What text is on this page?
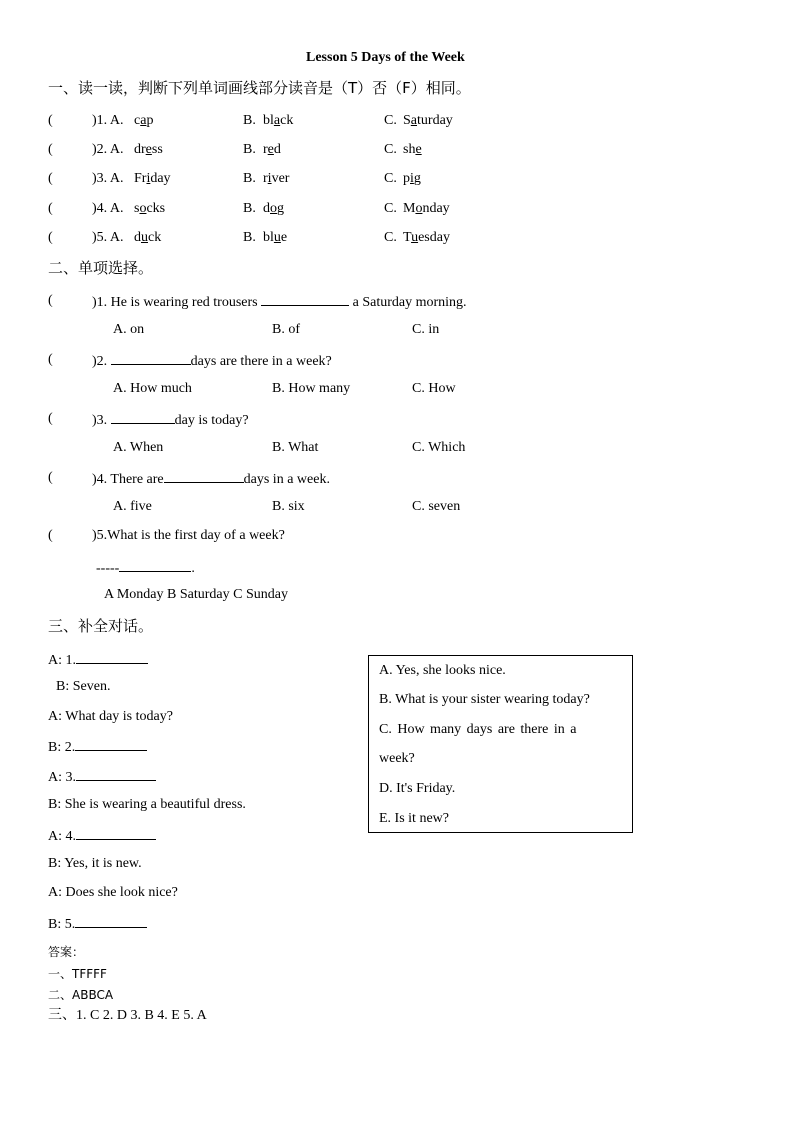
Lesson 5 Days of the Week
一、读一读，判断下列单词画线部分读音是（T）否（F）相同。
(	)1. A. cap	B. black	C. Saturday
(	)2. A. dress	B. red	C. she
(	)3. A. Friday	B. river	C. pig
(	)4. A. socks	B. dog	C. Monday
(	)5. A. duck	B. blue	C. Tuesday
二、单项选择。
(	)1. He is wearing red trousers	a Saturday morning.
A. on	B. of	C. in
(	)2.	days are there in a week?
A. How much	B. How many	C. How
(	)3.	day is today?
A. When	B. What	C. Which
(	)4. There are	days in a week.
A. five	B. six	C. seven
(	)5.What is the first day of a week?
-----	.
A Monday B Saturday C Sunday
三、补全对话。
A: 1.
B: Seven.
A: What day is today?
B: 2.
A: 3.
B: She is wearing a beautiful dress.
A: 4.
B: Yes, it is new.
A: Does she look nice?
B: 5.
A. Yes, she looks nice.
B. What is your sister wearing today?
C. How many days are there in a
week?
D. It's Friday.
E. Is it new?
答案：
一、TFFFF
二、ABBCA
三、1. C 2. D 3. B 4. E 5. A
